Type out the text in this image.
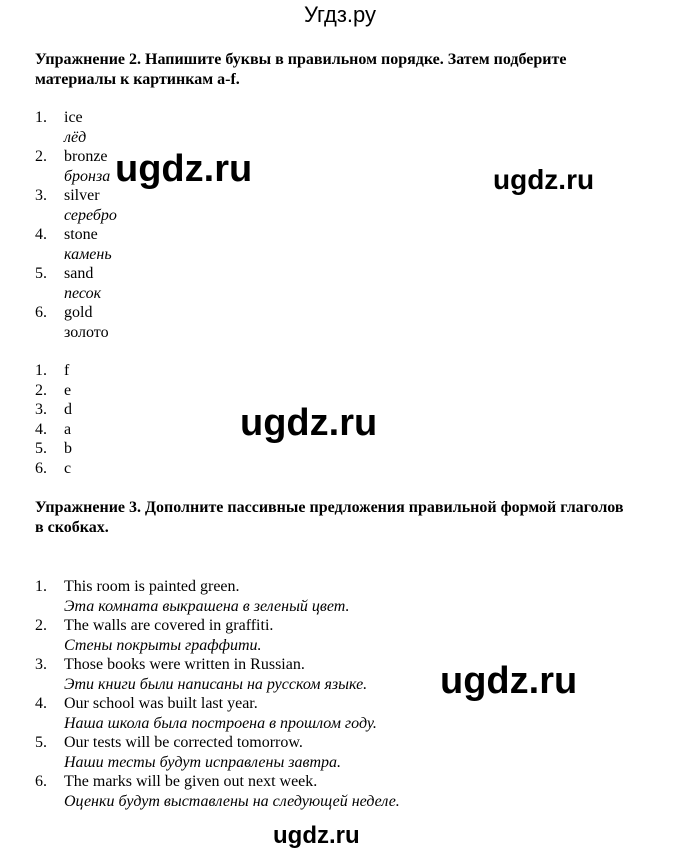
Угдз.ру
Упражнение 2. Напишите буквы в правильном порядке. Затем подберите материалы к картинкам a-f.
1. ice
лёд
2. bronze
бронза
3. silver
серебро
4. stone
камень
5. sand
песок
6. gold
золото
1. f
2. e
3. d
4. a
5. b
6. c
Упражнение 3. Дополните пассивные предложения правильной формой глаголов в скобках.
1. This room is painted green.
Эта комната выкрашена в зеленый цвет.
2. The walls are covered in graffiti.
Стены покрыты граффити.
3. Those books were written in Russian.
Эти книги были написаны на русском языке.
4. Our school was built last year.
Наша школа была построена в прошлом году.
5. Our tests will be corrected tomorrow.
Наши тесты будут исправлены завтра.
6. The marks will be given out next week.
Оценки будут выставлены на следующей неделе.
ugdz.ru	ugdz.ru
ugdz.ru
ugdz.ru
ugdz.ru
